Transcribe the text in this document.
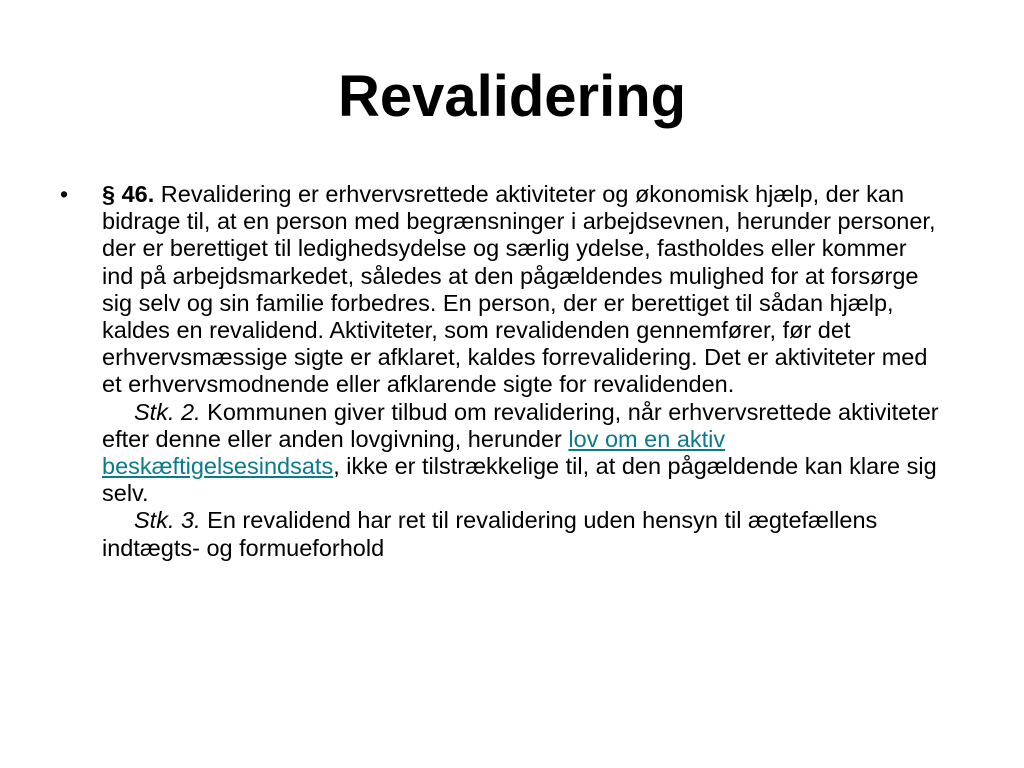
Revalidering
• § 46. Revalidering er erhvervsrettede aktiviteter og økonomisk hjælp, der kan bidrage til, at en person med begrænsninger i arbejdsevnen, herunder personer, der er berettiget til ledighedsydelse og særlig ydelse, fastholdes eller kommer ind på arbejdsmarkedet, således at den pågældendes mulighed for at forsørge sig selv og sin familie forbedres. En person, der er berettiget til sådan hjælp, kaldes en revalidend. Aktiviteter, som revalidenden gennemfører, før det erhvervsmæssige sigte er afklaret, kaldes forrevalidering. Det er aktiviteter med et erhvervsmodnende eller afklarende sigte for revalidenden.
Stk. 2. Kommunen giver tilbud om revalidering, når erhvervsrettede aktiviteter efter denne eller anden lovgivning, herunder lov om en aktiv beskæftigelsesindsats, ikke er tilstrækkelige til, at den pågældende kan klare sig selv.
Stk. 3. En revalidend har ret til revalidering uden hensyn til ægtefællens indtægts- og formueforhold
